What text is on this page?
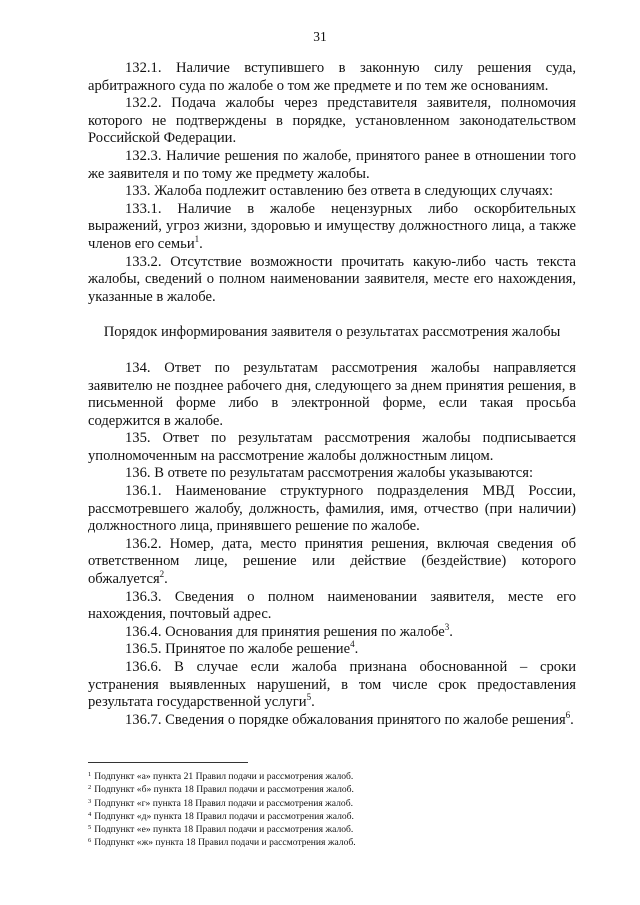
31

132.1. Наличие вступившего в законную силу решения суда, арбитражного суда по жалобе о том же предмете и по тем же основаниям.

132.2. Подача жалобы через представителя заявителя, полномочия которого не подтверждены в порядке, установленном законодательством Российской Федерации.

132.3. Наличие решения по жалобе, принятого ранее в отношении того же заявителя и по тому же предмету жалобы.

133. Жалоба подлежит оставлению без ответа в следующих случаях:

133.1. Наличие в жалобе нецензурных либо оскорбительных выражений, угроз жизни, здоровью и имуществу должностного лица, а также членов его семьи$^1$.

133.2. Отсутствие возможности прочитать какую-либо часть текста жалобы, сведений о полном наименовании заявителя, месте его нахождения, указанные в жалобе.

Порядок информирования заявителя о результатах рассмотрения жалобы

134. Ответ по результатам рассмотрения жалобы направляется заявителю не позднее рабочего дня, следующего за днем принятия решения, в письменной форме либо в электронной форме, если такая просьба содержится в жалобе.

135. Ответ по результатам рассмотрения жалобы подписывается уполномоченным на рассмотрение жалобы должностным лицом.

136. В ответе по результатам рассмотрения жалобы указываются:

136.1. Наименование структурного подразделения МВД России, рассмотревшего жалобу, должность, фамилия, имя, отчество (при наличии) должностного лица, принявшего решение по жалобе.

136.2. Номер, дата, место принятия решения, включая сведения об ответственном лице, решение или действие (бездействие) которого обжалуется$^2$.

136.3. Сведения о полном наименовании заявителя, месте его нахождения, почтовый адрес.

136.4. Основания для принятия решения по жалобе$^3$.

136.5. Принятое по жалобе решение$^4$.

136.6. В случае если жалоба признана обоснованной – сроки устранения выявленных нарушений, в том числе срок предоставления результата государственной услуги$^5$.

136.7. Сведения о порядке обжалования принятого по жалобе решения$^6$.

$^1$ Подпункт «а» пункта 21 Правил подачи и рассмотрения жалоб.
$^2$ Подпункт «б» пункта 18 Правил подачи и рассмотрения жалоб.
$^3$ Подпункт «г» пункта 18 Правил подачи и рассмотрения жалоб.
$^4$ Подпункт «д» пункта 18 Правил подачи и рассмотрения жалоб.
$^5$ Подпункт «е» пункта 18 Правил подачи и рассмотрения жалоб.
$^6$ Подпункт «ж» пункта 18 Правил подачи и рассмотрения жалоб.
